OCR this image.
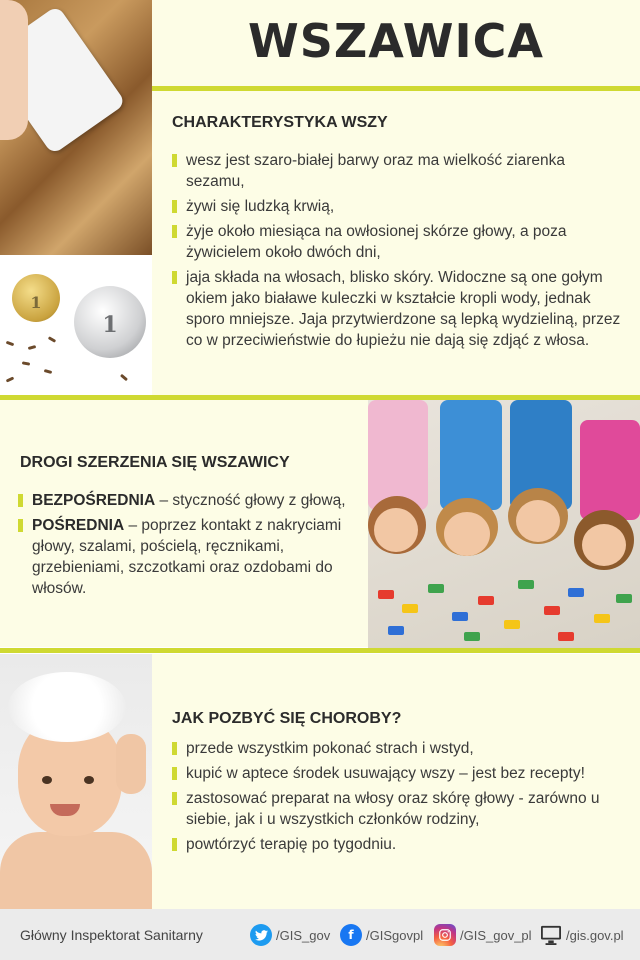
WSZAWICA
1
1
CHARAKTERYSTYKA WSZY
wesz jest szaro-białej barwy oraz ma wielkość ziarenka sezamu,
żywi się ludzką krwią,
żyje około miesiąca na owłosionej skórze głowy, a poza żywicielem około dwóch dni,
jaja składa na włosach, blisko skóry. Widoczne są one gołym okiem jako białawe kuleczki w kształcie kropli wody, jednak sporo mniejsze. Jaja przytwierdzone są lepką wydzieliną, przez co w przeciwieństwie do łupieżu nie dają się zdjąć z włosa.
DROGI SZERZENIA SIĘ WSZAWICY
BEZPOŚREDNIA – styczność głowy z głową,
POŚREDNIA – poprzez kontakt z nakryciami głowy, szalami, pościelą, ręcznikami, grzebieniami, szczotkami oraz ozdobami do włosów.
JAK POZBYĆ SIĘ CHOROBY?
przede wszystkim pokonać strach i wstyd,
kupić w aptece środek usuwający wszy – jest bez recepty!
zastosować preparat na włosy oraz skórę głowy - zarówno u siebie, jak i u wszystkich członków rodziny,
powtórzyć terapię po tygodniu.
Główny Inspektorat Sanitarny	/GIS_gov	f /GISgovpl	/GIS_gov_pl	/gis.gov.pl
